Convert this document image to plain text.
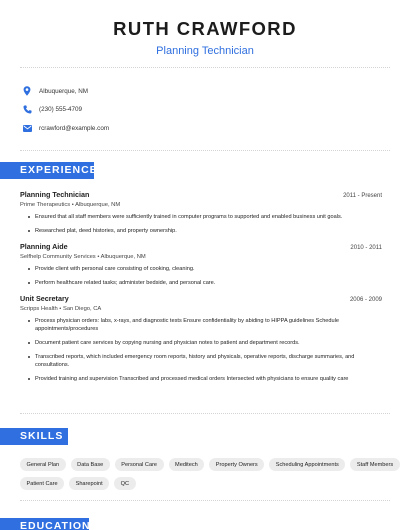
RUTH CRAWFORD
Planning Technician
Albuquerque, NM
(230) 555-4709
rcrawford@example.com
EXPERIENCE
Planning Technician	2011 - Present
Prime Therapeutics • Albuquerque, NM
Ensured that all staff members were sufficiently trained in computer programs to supported and enabled business unit goals.
Researched plat, deed histories, and property ownership.
Planning Aide	2010 - 2011
Selfhelp Community Services • Albuquerque, NM
Provide client with personal care consisting of cooking, cleaning.
Perform healthcare related tasks; administer bedside, and personal care.
Unit Secretary	2006 - 2009
Scripps Health • San Diego, CA
Process physician orders: labs, x-rays, and diagnostic tests Ensure confidentiality by abiding to HIPPA guidelines Schedule appointments/procedures
Document patient care services by copying nursing and physician notes to patient and department records.
Transcribed reports, which included emergency room reports, history and physicals, operative reports, discharge summaries, and consultations.
Provided training and supervision Transcribed and processed medical orders Intersected with physicians to ensure quality care
SKILLS
General Plan	Data Base	Personal Care	Meditech	Property Owners	Scheduling Appointments	Staff Members
Patient Care	Sharepoint	QC
EDUCATION
